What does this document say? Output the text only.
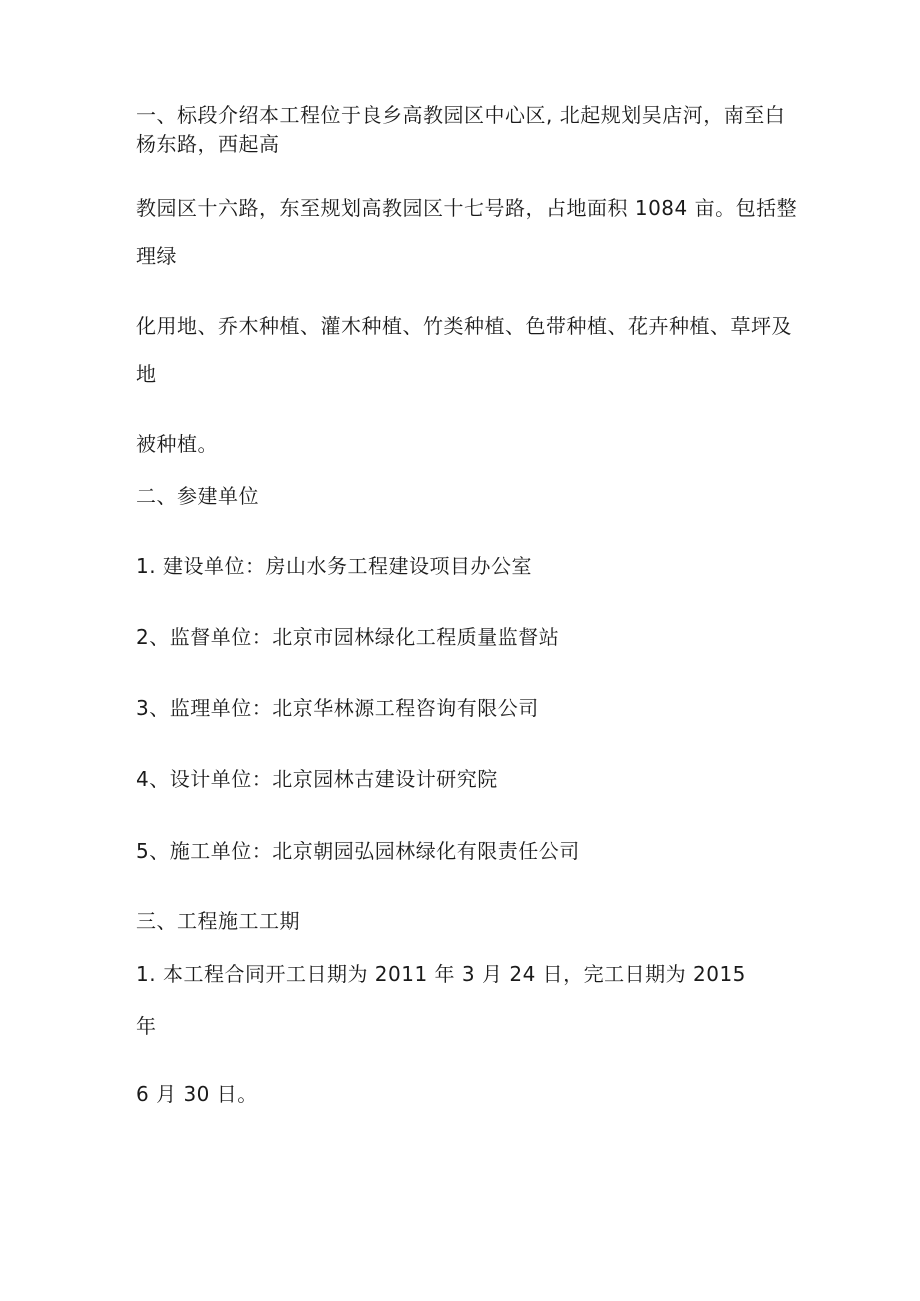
一、标段介绍本工程位于良乡高教园区中心区, 北起规划吴店河，南至白
杨东路，西起高
教园区十六路，东至规划高教园区十七号路，占地面积 1084 亩。包括整
理绿
化用地、乔木种植、灌木种植、竹类种植、色带种植、花卉种植、草坪及
地
被种植。
二、参建单位
1. 建设单位：房山水务工程建设项目办公室
2、监督单位：北京市园林绿化工程质量监督站
3、监理单位：北京华林源工程咨询有限公司
4、设计单位：北京园林古建设计研究院
5、施工单位：北京朝园弘园林绿化有限责任公司
三、工程施工工期
1. 本工程合同开工日期为 2011 年 3 月 24 日，完工日期为 2015
年
6 月 30 日。
